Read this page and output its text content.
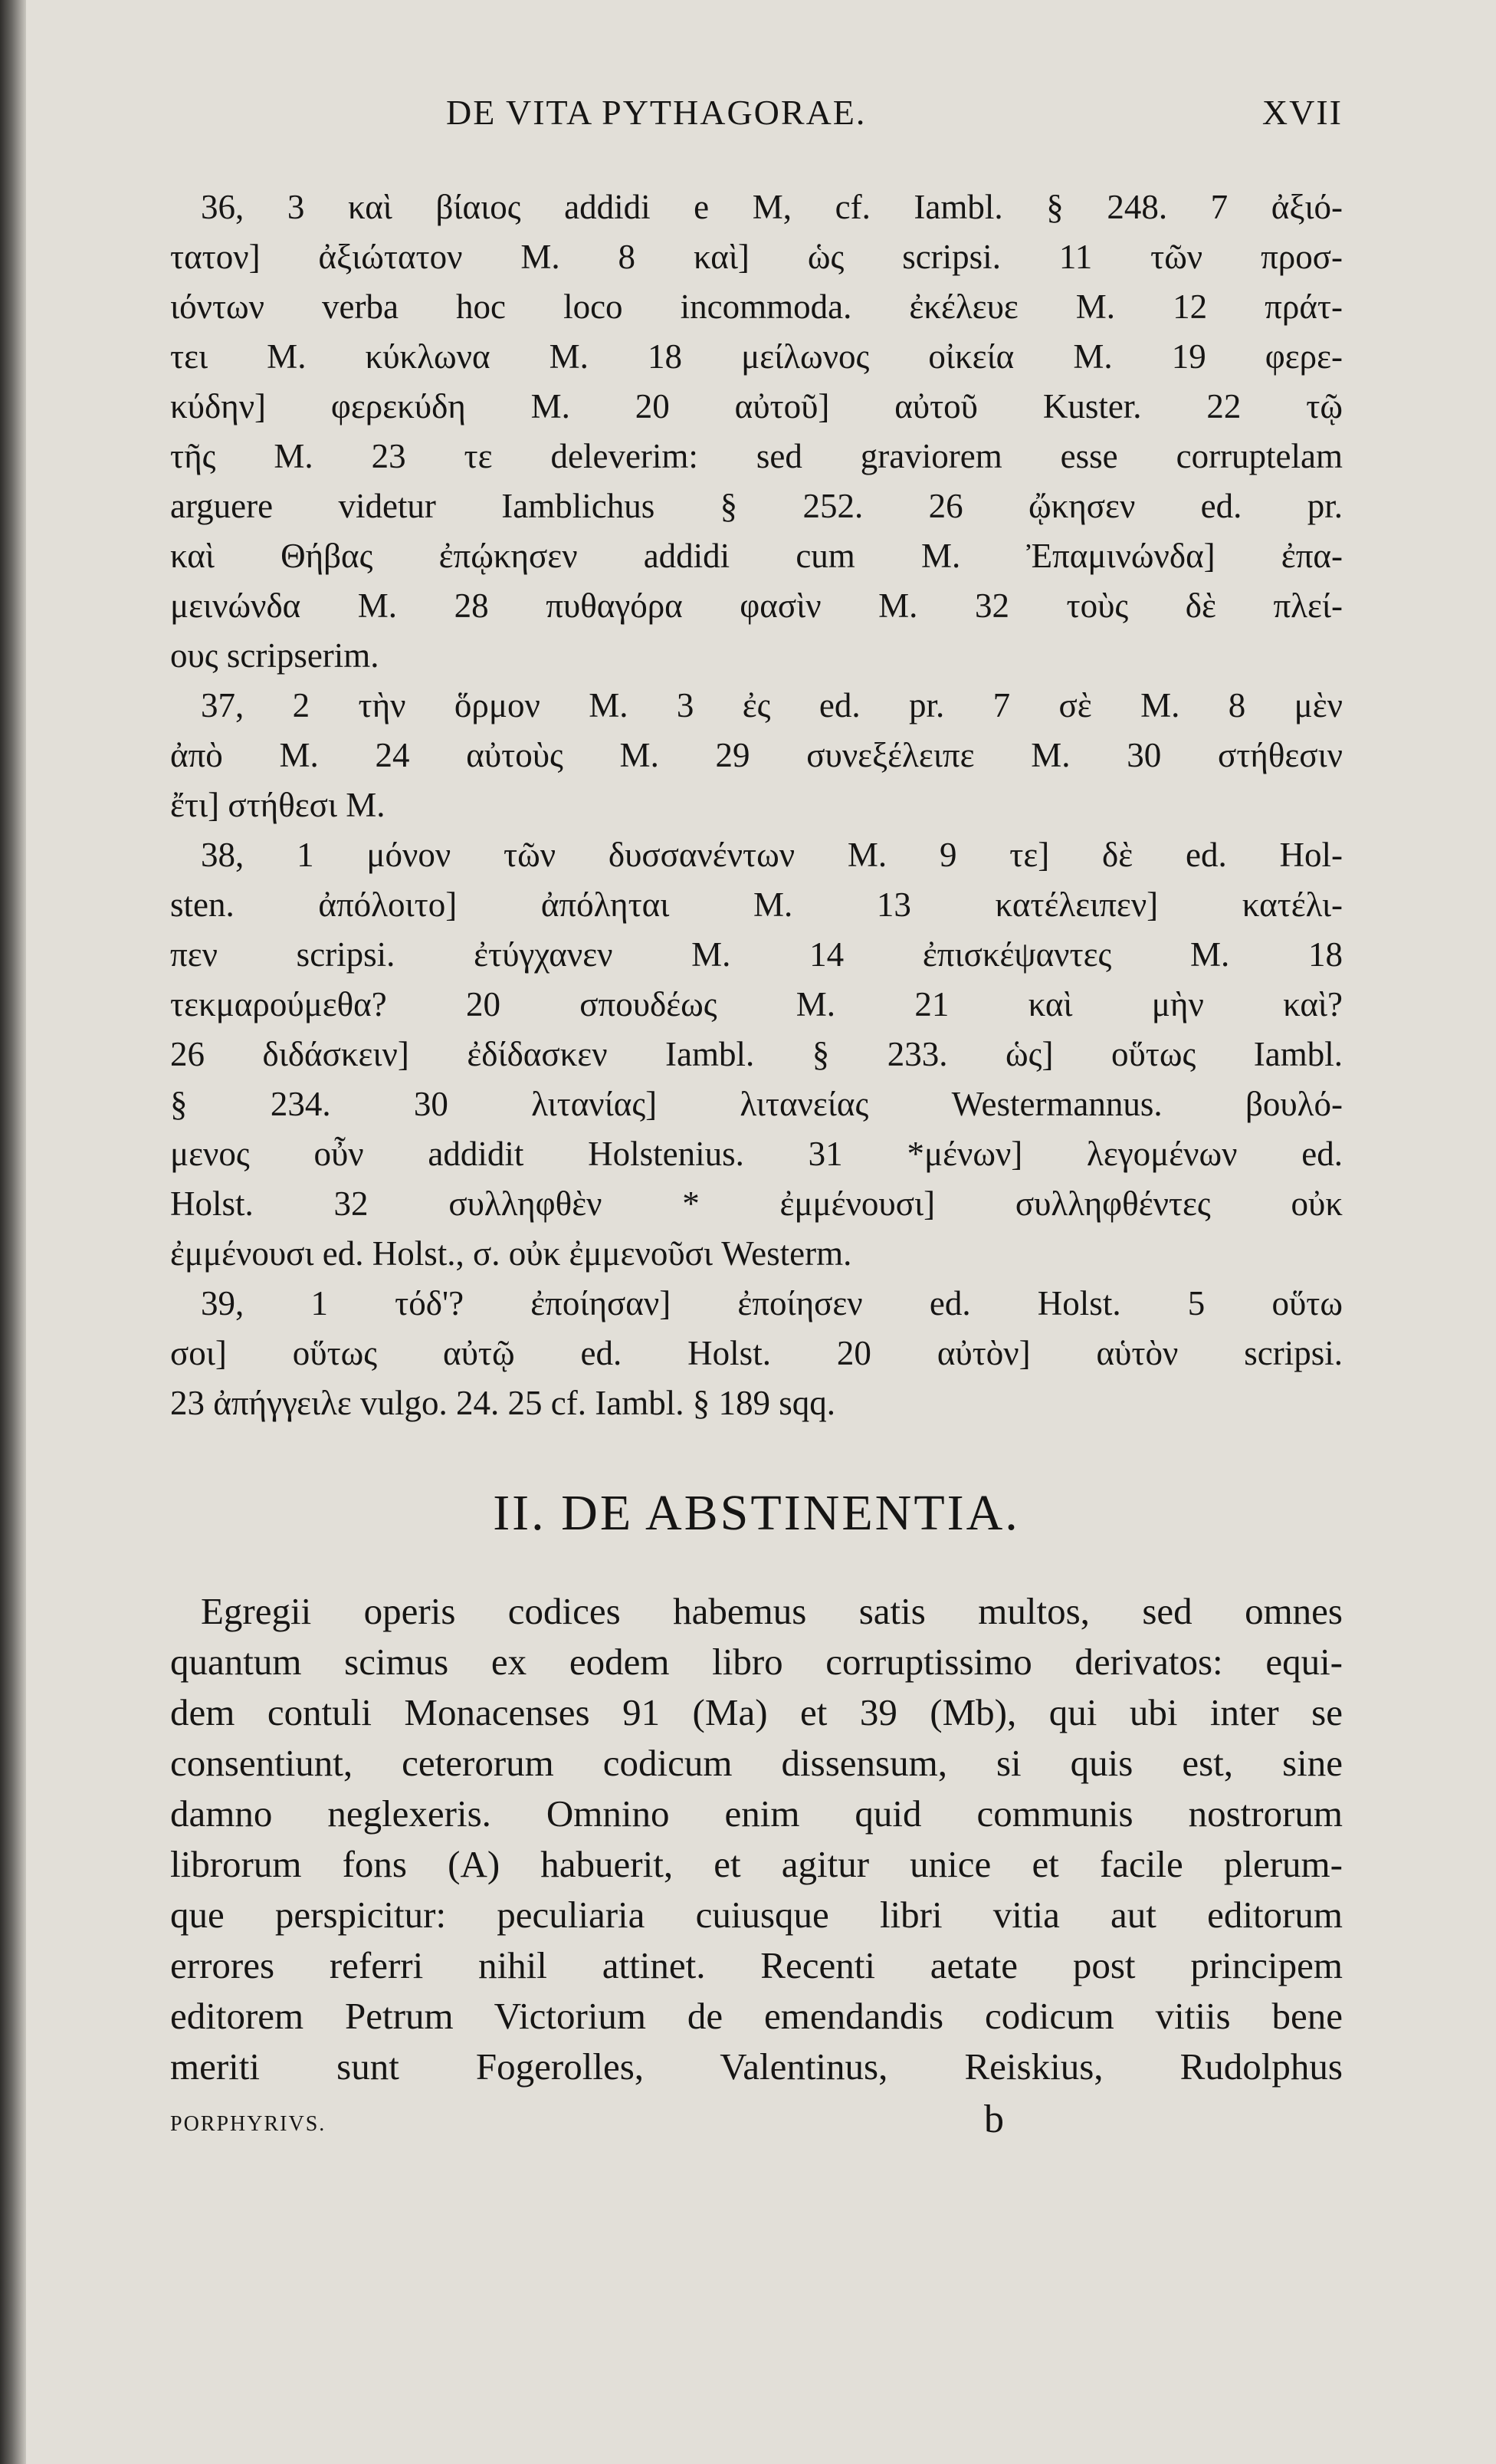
DE VITA PYTHAGORAE.	XVII
36, 3 καὶ βίαιος addidi e M, cf. Iambl. § 248. 7 ἀξιό-
τατον] ἀξιώτατον M. 8 καὶ] ὡς scripsi. 11 τῶν προσ-
ιόντων verba hoc loco incommoda. ἐκέλευε M. 12 πράτ-
τει M. κύκλωνα M. 18 μείλωνος οἰκεία M. 19 φερε-
κύδην] φερεκύδη M. 20 αὐτοῦ] αὐτοῦ Kuster. 22 τῷ
τῆς M. 23 τε deleverim: sed graviorem esse corruptelam
arguere videtur Iamblichus § 252. 26 ᾤκησεν ed. pr.
καὶ Θήβας ἐπῴκησεν addidi cum M. Ἐπαμινώνδα] ἐπα-
μεινώνδα M. 28 πυθαγόρα φασὶν M. 32 τοὺς δὲ πλεί-
ους scripserim.
37, 2 τὴν ὅρμον M. 3 ἐς ed. pr. 7 σὲ M. 8 μὲν
ἀπὸ M. 24 αὐτοὺς M. 29 συνεξέλειπε M. 30 στήθεσιν
ἔτι] στήθεσι M.
38, 1 μόνον τῶν δυσσανέντων M. 9 τε] δὲ ed. Hol-
sten. ἀπόλοιτο] ἀπόληται M. 13 κατέλειπεν] κατέλι-
πεν scripsi. ἐτύγχανεν M. 14 ἐπισκέψαντες M. 18
τεκμαρούμεθα? 20 σπουδέως M. 21 καὶ μὴν καὶ?
26 διδάσκειν] ἐδίδασκεν Iambl. § 233. ὡς] οὕτως Iambl.
§ 234. 30 λιτανίας] λιτανείας Westermannus. βουλό-
μενος οὖν addidit Holstenius. 31 *μένων] λεγομένων ed.
Holst. 32 συλληφθὲν * ἐμμένουσι] συλληφθέντες οὐκ
ἐμμένουσι ed. Holst., σ. οὐκ ἐμμενοῦσι Westerm.
39, 1 τόδ'? ἐποίησαν] ἐποίησεν ed. Holst. 5 οὕτω
σοι] οὕτως αὐτῷ ed. Holst. 20 αὐτὸν] αὑτὸν scripsi.
23 ἀπήγγειλε vulgo. 24. 25 cf. Iambl. § 189 sqq.
II. DE ABSTINENTIA.
Egregii operis codices habemus satis multos, sed omnes
quantum scimus ex eodem libro corruptissimo derivatos: equi-
dem contuli Monacenses 91 (Ma) et 39 (Mb), qui ubi inter se
consentiunt, ceterorum codicum dissensum, si quis est, sine
damno neglexeris. Omnino enim quid communis nostrorum
librorum fons (A) habuerit, et agitur unice et facile plerum-
que perspicitur: peculiaria cuiusque libri vitia aut editorum
errores referri nihil attinet. Recenti aetate post principem
editorem Petrum Victorium de emendandis codicum vitiis bene
meriti sunt Fogerolles, Valentinus, Reiskius, Rudolphus
PORPHYRIVS.	b
